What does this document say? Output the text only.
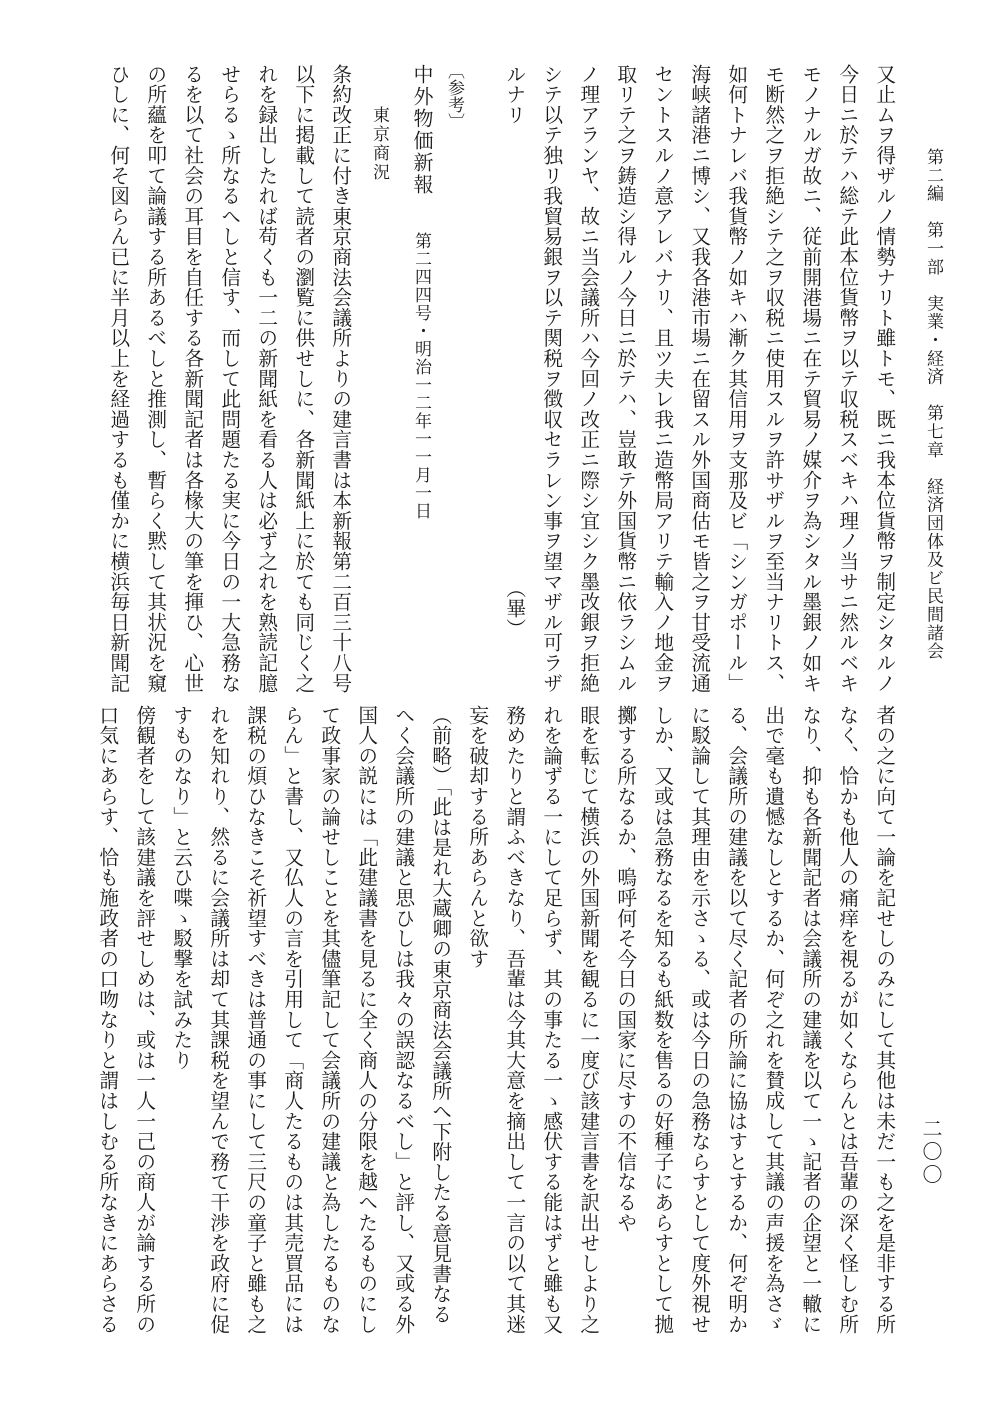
第二編　第一部　実業・経済　第七章　経済団体及ビ民間諸会
二〇〇
又止ムヲ得ザルノ情勢ナリト雖トモ、既ニ我本位貨幣ヲ制定シタルノ
今日ニ於テハ総テ此本位貨幣ヲ以テ収税スベキハ理ノ当サニ然ルベキ
モノナルガ故ニ、従前開港場ニ在テ貿易ノ媒介ヲ為シタル墨銀ノ如キ
モ断然之ヲ拒絶シテ之ヲ収税ニ使用スルヲ許サザルヲ至当ナリトス、
如何トナレバ我貨幣ノ如キハ漸ク其信用ヲ支那及ビ「シンガポール」
海峡諸港ニ博シ、又我各港市場ニ在留スル外国商估モ皆之ヲ甘受流通
セントスルノ意アレバナリ、且ツ夫レ我ニ造幣局アリテ輸入ノ地金ヲ
取リテ之ヲ鋳造シ得ルノ今日ニ於テハ、豈敢テ外国貨幣ニ依ラシムル
ノ理アランヤ、故ニ当会議所ハ今回ノ改正ニ際シ宜シク墨改銀ヲ拒絶
シテ以テ独リ我貿易銀ヲ以テ関税ヲ徴収セラレン事ヲ望マザル可ラザ
ルナリ
（畢）
〔参考〕
中外物価新報
第二四四号・明治一二年一一月一日
東京商況
条約改正に付き東京商法会議所よりの建言書は本新報第二百三十八号
以下に掲載して読者の瀏覧に供せしに、各新聞紙上に於ても同じく之
れを録出したれば苟くも一二の新聞紙を看る人は必ず之れを熟読記臆
せらるゝ所なるへしと信す、而して此問題たる実に今日の一大急務な
るを以て社会の耳目を自任する各新聞記者は各椽大の筆を揮ひ、心世
の所蘊を叩て論議する所あるべしと推測し、暫らく黙して其状況を窺
ひしに、何そ図らん已に半月以上を経過するも僅かに横浜毎日新聞記
者の之に向て一論を記せしのみにして其他は未だ一も之を是非する所
なく、恰かも他人の痛痒を視るが如くならんとは吾輩の深く怪しむ所
なり、抑も各新聞記者は会議所の建議を以て一ゝ記者の企望と一轍に
出で毫も遺憾なしとするか、何ぞ之れを賛成して其議の声援を為さゞ
る、会議所の建議を以て尽く記者の所論に協はすとするか、何ぞ明か
に駁論して其理由を示さゝる、或は今日の急務ならすとして度外視せ
しか、又或は急務なるを知るも紙数を售るの好種子にあらすとして拋
擲する所なるか、嗚呼何そ今日の国家に尽すの不信なるや
眼を転じて横浜の外国新聞を観るに一度び該建言書を訳出せしより之
れを論ずる一にして足らず、其の事たる一ゝ感伏する能はずと雖も又
務めたりと謂ふべきなり、吾輩は今其大意を摘出して一言の以て其迷
妄を破却する所あらんと欲す
（前略）「此は是れ大蔵卿の東京商法会議所へ下附したる意見書なる
へく会議所の建議と思ひしは我々の誤認なるべし」と評し、又或る外
国人の説には「此建議書を見るに全く商人の分限を越へたるものにし
て政事家の論せしことを其儘筆記して会議所の建議と為したるものな
らん」と書し、又仏人の言を引用して「商人たるものは其売買品には
課税の煩ひなきこそ祈望すべきは普通の事にして三尺の童子と雖も之
れを知れり、然るに会議所は却て其課税を望んで務て干渉を政府に促
すものなり」と云ひ喋ゝ駁撃を試みたり
傍観者をして該建議を評せしめは、或は一人一己の商人が論する所の
口気にあらす、恰も施政者の口吻なりと謂はしむる所なきにあらさる
